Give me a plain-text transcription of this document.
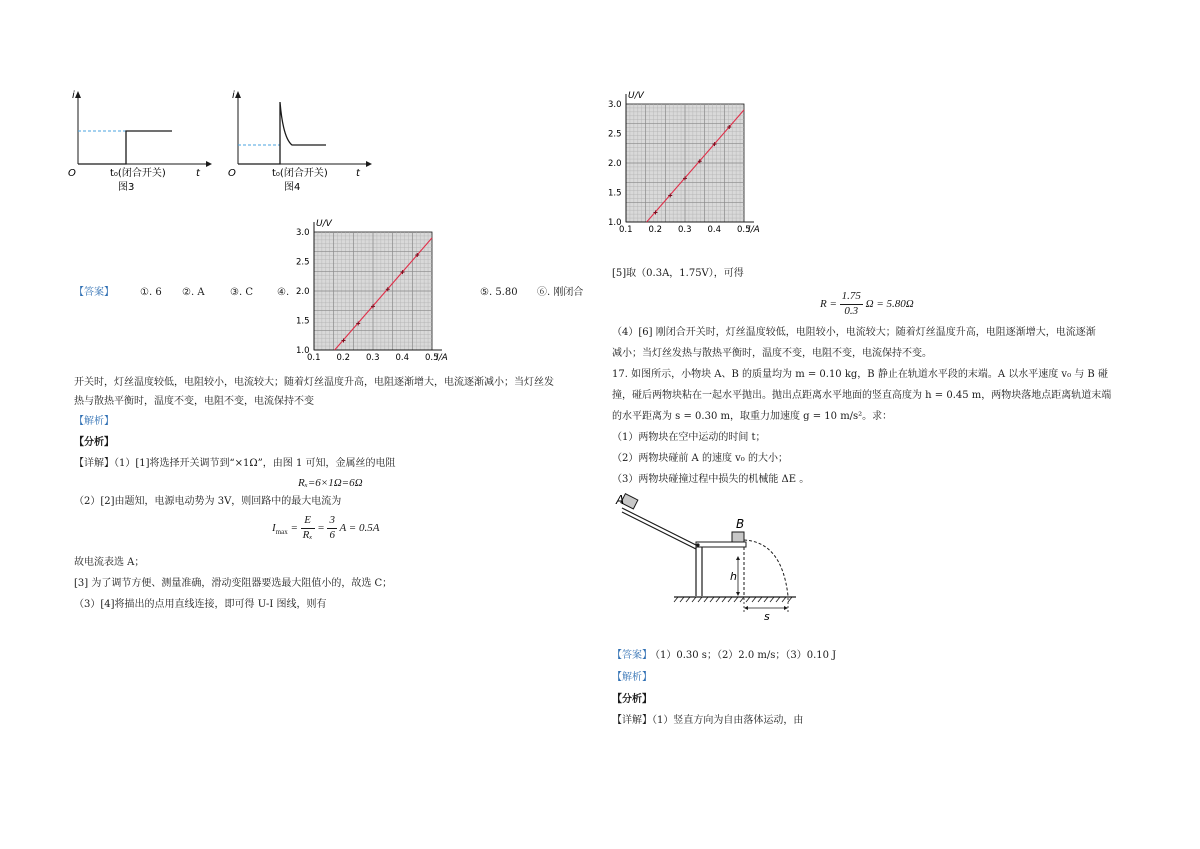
i
t
O	t₀(闭合开关)
图3
i
t
O	t₀(闭合开关)
图4
0.1 0.2 0.3 0.4 0.5
1.0
1.5
2.0
2.5
3.0
I/A
U/V
【答案】	①. 6 ②. A	③. C ④.	⑤. 5.80 ⑥. 刚闭合
开关时，灯丝温度较低，电阻较小，电流较大；随着灯丝温度升高，电阻逐渐增大，电流逐渐减小；当灯丝发
热与散热平衡时，温度不变，电阻不变，电流保持不变
【解析】
【分析】
【详解】（1）[1]将选择开关调节到“×1Ω”，由图 1 可知，金属丝的电阻
Rₓ=6×1Ω=6Ω
（2）[2]由题知，电源电动势为 3V，则回路中的最大电流为
$I_{max} = \frac{E}{\text{Rₓ}} = \frac{3}{6}$ A = 0.5A
故电流表选 A；
[3] 为了调节方便、测量准确，滑动变阻器要选最大阻值小的，故选 C；
（3）[4]将描出的点用直线连接，即可得 U-I 图线，则有
0.1 0.2 0.3 0.4 0.5
1.0
1.5
2.0
2.5
3.0
I/A
U/V
[5]取（0.3A，1.75V），可得
$R = \frac{1.75}{0.3}$ Ω = 5.80Ω
（4）[6] 刚闭合开关时，灯丝温度较低，电阻较小，电流较大；随着灯丝温度升高，电阻逐渐增大，电流逐渐
减小；当灯丝发热与散热平衡时，温度不变，电阻不变，电流保持不变。
17. 如图所示，小物块 A、B 的质量均为 m = 0.10 kg，B 静止在轨道水平段的末端。A 以水平速度 v₀ 与 B 碰
撞，碰后两物块粘在一起水平抛出。抛出点距离水平地面的竖直高度为 h = 0.45 m，两物块落地点距离轨道末端
的水平距离为 s = 0.30 m，取重力加速度 g = 10 m/s²。求：
（1）两物块在空中运动的时间 t；
（2）两物块碰前 A 的速度 v₀ 的大小；
（3）两物块碰撞过程中损失的机械能 ΔE 。
A
B
h
s
【答案】
（1）0.30 s；（2）2.0 m/s；（3）0.10 J
【解析】
【分析】
【详解】（1）竖直方向为自由落体运动，由
